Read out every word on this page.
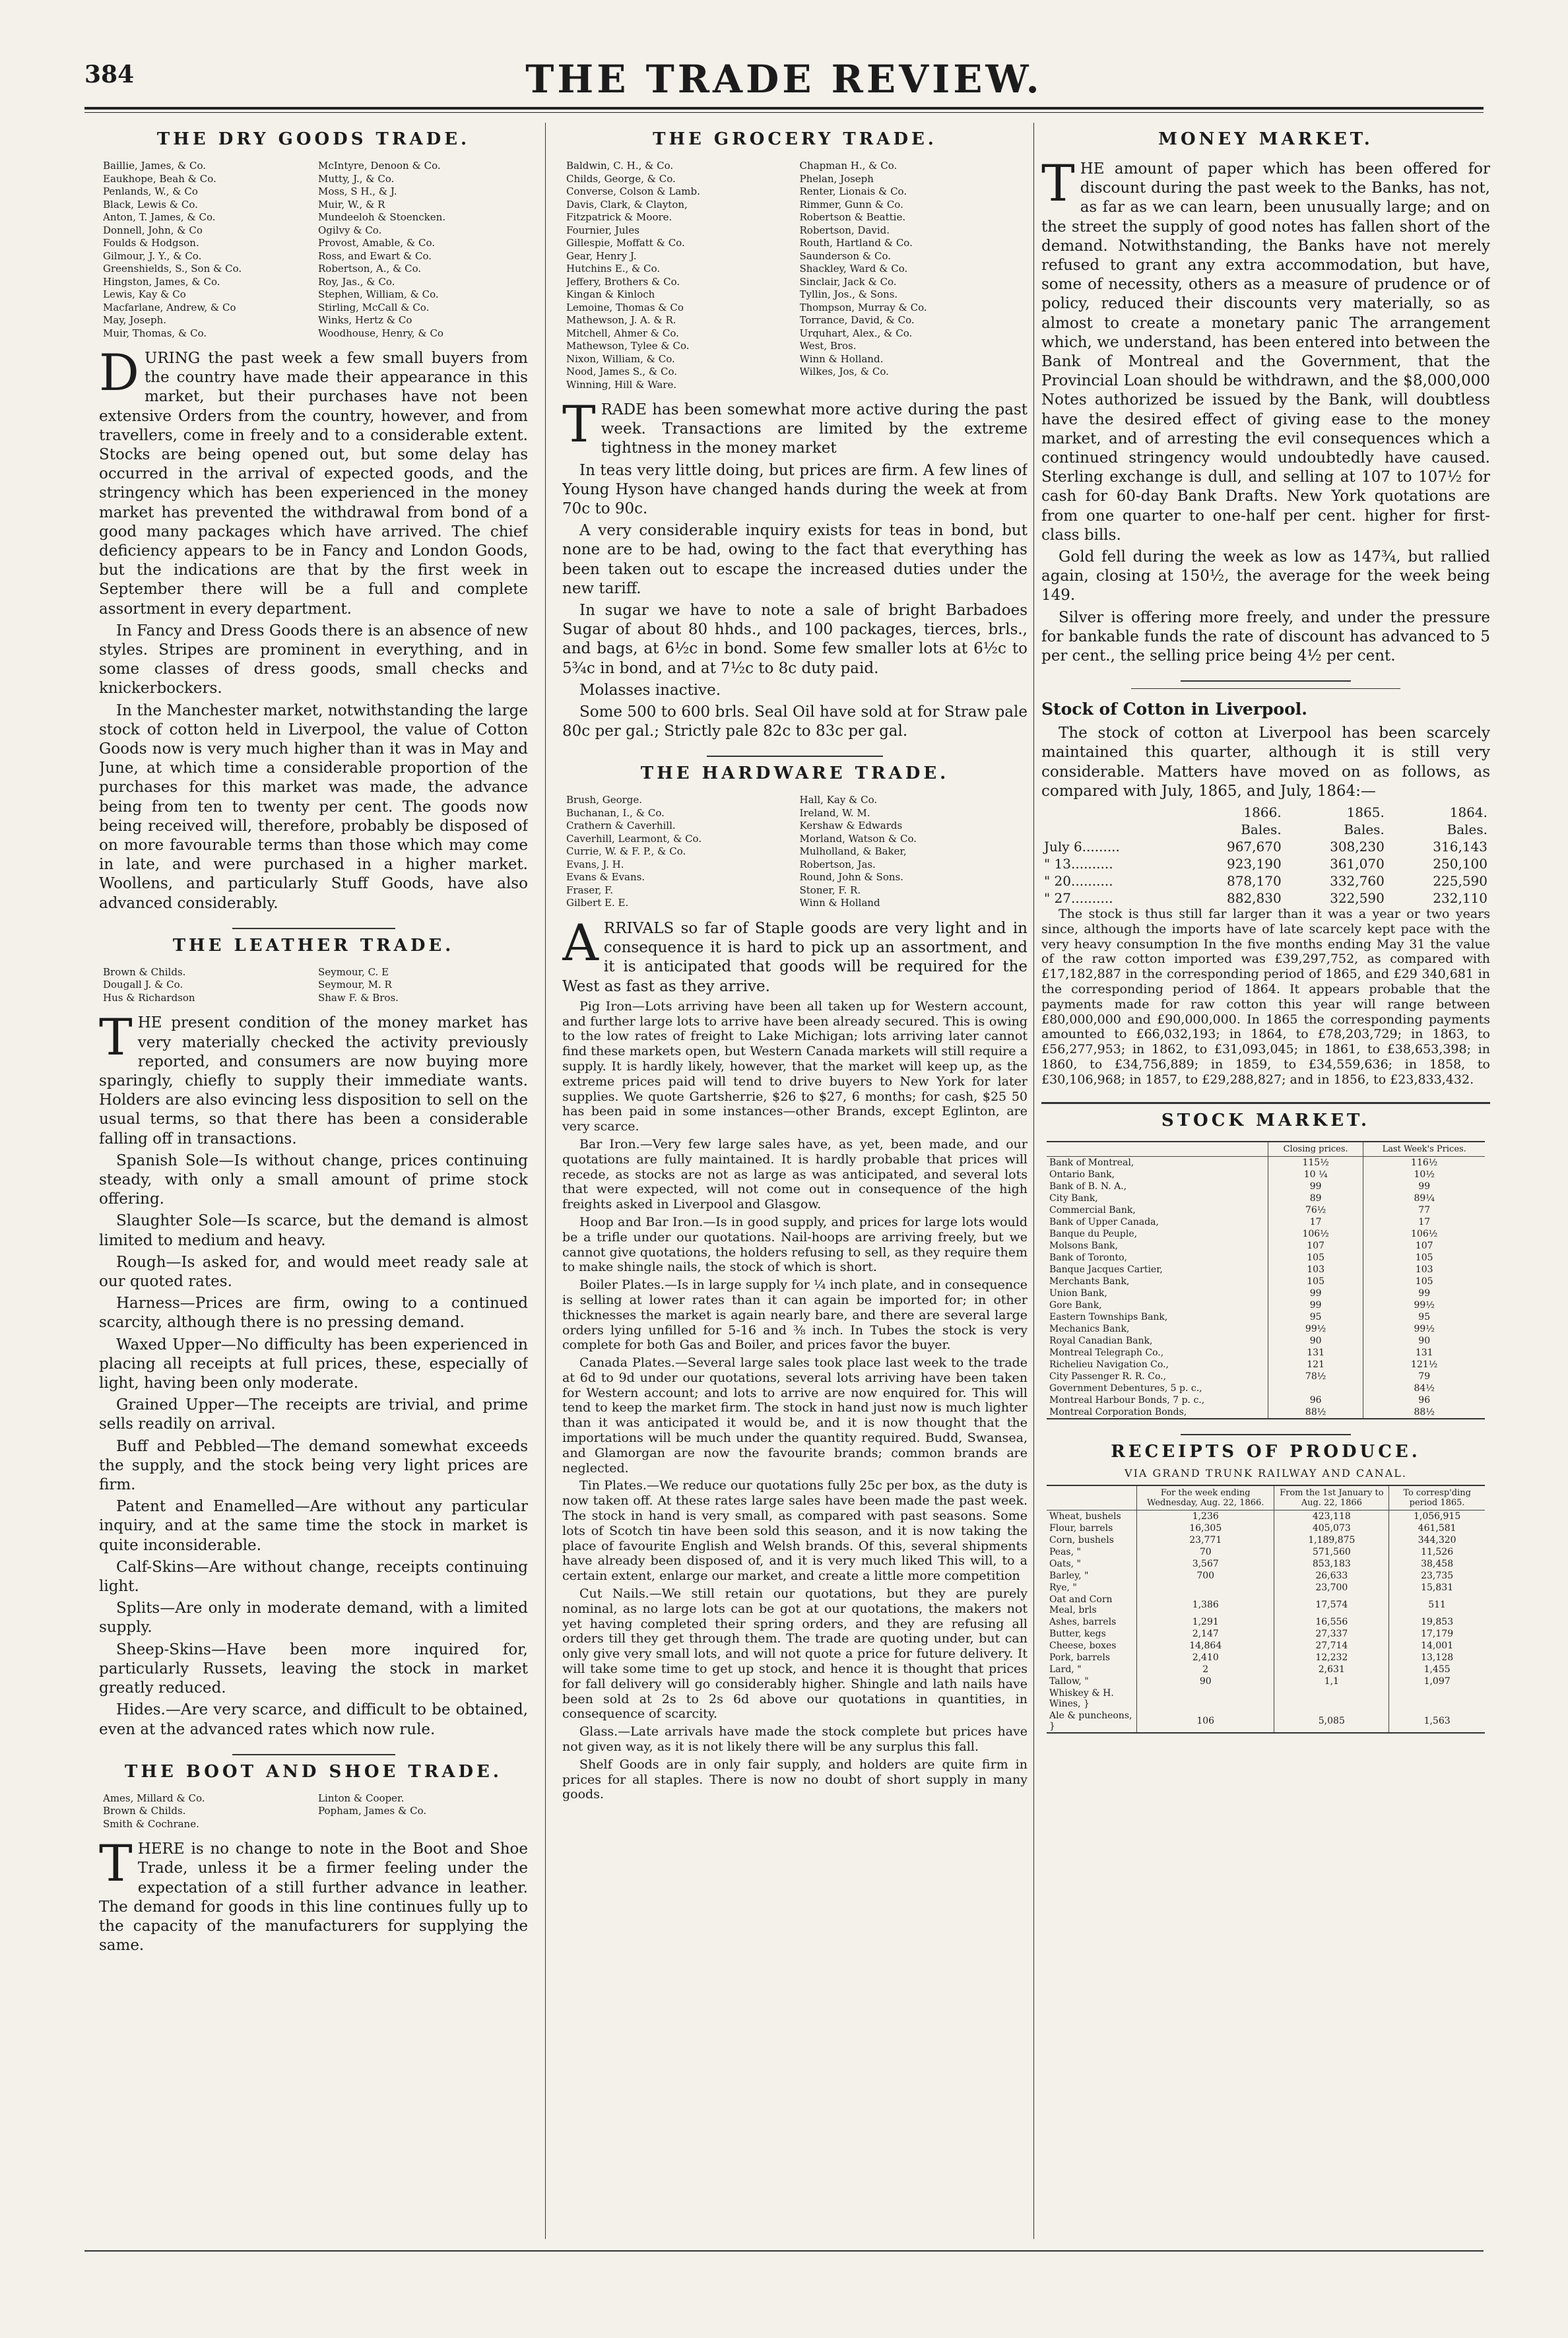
384	THE TRADE REVIEW.
THE DRY GOODS TRADE.
Baillie, James, & Co.	McIntyre, Denoon & Co.
Eaukhope, Beah & Co.	Mutty, J., & Co.
Penlands, W., & Co	Moss, S H., & J.
Black, Lewis & Co.	Muir, W., & R
Anton, T. James, & Co.	Mundeeloh & Stoencken.
Donnell, John, & Co	Ogilvy & Co.
Foulds & Hodgson.	Provost, Amable, & Co.
Gilmour, J. Y., & Co.	Ross, and Ewart & Co.
Greenshields, S., Son & Co.	Robertson, A., & Co.
Hingston, James, & Co.	Roy, Jas., & Co.
Lewis, Kay & Co	Stephen, William, & Co.
Macfarlane, Andrew, & Co	Stirling, McCall & Co.
May, Joseph.	Winks, Hertz & Co
Muir, Thomas, & Co.	Woodhouse, Henry, & Co

DURING the past week a few small buyers from the country have made their appearance in this market, but their purchases have not been extensive Orders from the country, however, and from travellers, come in freely and to a considerable extent. Stocks are being opened out, but some delay has occurred in the arrival of expected goods, and the stringency which has been experienced in the money market has prevented the withdrawal from bond of a good many packages which have arrived. The chief deficiency appears to be in Fancy and London Goods, but the indications are that by the first week in September there will be a full and complete assortment in every department.

In Fancy and Dress Goods there is an absence of new styles. Stripes are prominent in everything, and in some classes of dress goods, small checks and knickerbockers.

In the Manchester market, notwithstanding the large stock of cotton held in Liverpool, the value of Cotton Goods now is very much higher than it was in May and June, at which time a considerable proportion of the purchases for this market was made, the advance being from ten to twenty per cent. The goods now being received will, therefore, probably be disposed of on more favourable terms than those which may come in late, and were purchased in a higher market. Woollens, and particularly Stuff Goods, have also advanced considerably.

THE LEATHER TRADE.
Brown & Childs.	Seymour, C. E
Dougall J. & Co.	Seymour, M. R
Hus & Richardson	Shaw F. & Bros.

THE present condition of the money market has very materially checked the activity previously reported, and consumers are now buying more sparingly, chiefly to supply their immediate wants. Holders are also evincing less disposition to sell on the usual terms, so that there has been a considerable falling off in transactions.

Spanish Sole—Is without change, prices continuing steady, with only a small amount of prime stock offering.

Slaughter Sole—Is scarce, but the demand is almost limited to medium and heavy.

Rough—Is asked for, and would meet ready sale at our quoted rates.

Harness—Prices are firm, owing to a continued scarcity, although there is no pressing demand.

Waxed Upper—No difficulty has been experienced in placing all receipts at full prices, these, especially of light, having been only moderate.

Grained Upper—The receipts are trivial, and prime sells readily on arrival.

Buff and Pebbled—The demand somewhat exceeds the supply, and the stock being very light prices are firm.

Patent and Enamelled—Are without any particular inquiry, and at the same time the stock in market is quite inconsiderable.

Calf-Skins—Are without change, receipts continuing light.

Splits—Are only in moderate demand, with a limited supply.

Sheep-Skins—Have been more inquired for, particularly Russets, leaving the stock in market greatly reduced.

Hides.—Are very scarce, and difficult to be obtained, even at the advanced rates which now rule.

THE BOOT AND SHOE TRADE.
Ames, Millard & Co.	Linton & Cooper.
Brown & Childs.	Popham, James & Co.
Smith & Cochrane.

THERE is no change to note in the Boot and Shoe Trade, unless it be a firmer feeling under the expectation of a still further advance in leather. The demand for goods in this line continues fully up to the capacity of the manufacturers for supplying the same.

THE GROCERY TRADE.
Baldwin, C. H., & Co.	Chapman H., & Co.
Childs, George, & Co.	Phelan, Joseph
Converse, Colson & Lamb.	Renter, Lionais & Co.
Davis, Clark, & Clayton,	Rimmer, Gunn & Co.
Fitzpatrick & Moore.	Robertson & Beattie.
Fournier, Jules	Robertson, David.
Gillespie, Moffatt & Co.	Routh, Hartland & Co.
Gear, Henry J.	Saunderson & Co.
Hutchins E., & Co.	Shackley, Ward & Co.
Jeffery, Brothers & Co.	Sinclair, Jack & Co.
Kingan & Kinloch	Tyllin, Jos., & Sons.
Lemoine, Thomas & Co	Thompson, Murray & Co.
Mathewson, J. A. & R.	Torrance, David, & Co.
Mitchell, Ahmer & Co.	Urquhart, Alex., & Co.
Mathewson, Tylee & Co.	West, Bros.
Nixon, William, & Co.	Winn & Holland.
Nood, James S., & Co.	Wilkes, Jos, & Co.
Winning, Hill & Ware.

TRADE has been somewhat more active during the past week. Transactions are limited by the extreme tightness in the money market

In teas very little doing, but prices are firm. A few lines of Young Hyson have changed hands during the week at from 70c to 90c.

A very considerable inquiry exists for teas in bond, but none are to be had, owing to the fact that everything has been taken out to escape the increased duties under the new tariff.

In sugar we have to note a sale of bright Barbadoes Sugar of about 80 hhds., and 100 packages, tierces, brls., and bags, at 6½c in bond. Some few smaller lots at 6½c to 5¾c in bond, and at 7½c to 8c duty paid.

Molasses inactive.

Some 500 to 600 brls. Seal Oil have sold at for Straw pale 80c per gal.; Strictly pale 82c to 83c per gal.

THE HARDWARE TRADE.
Brush, George.	Hall, Kay & Co.
Buchanan, I., & Co.	Ireland, W. M.
Crathern & Caverhill.	Kershaw & Edwards
Caverhill, Learmont, & Co.	Morland, Watson & Co.
Currie, W. & F. P., & Co.	Mulholland, & Baker,
Evans, J. H.	Robertson, Jas.
Evans & Evans.	Round, John & Sons.
Fraser, F.	Stoner, F. R.
Gilbert E. E.	Winn & Holland

ARRIVALS so far of Staple goods are very light and in consequence it is hard to pick up an assortment, and it is anticipated that goods will be required for the West as fast as they arrive.

Pig Iron—Lots arriving have been all taken up for Western account, and further large lots to arrive have been already secured. This is owing to the low rates of freight to Lake Michigan; lots arriving later cannot find these markets open, but Western Canada markets will still require a supply. It is hardly likely, however, that the market will keep up, as the extreme prices paid will tend to drive buyers to New York for later supplies. We quote Gartsherrie, $26 to $27, 6 months; for cash, $25 50 has been paid in some instances—other Brands, except Eglinton, are very scarce.

Bar Iron.—Very few large sales have, as yet, been made, and our quotations are fully maintained. It is hardly probable that prices will recede, as stocks are not as large as was anticipated, and several lots that were expected, will not come out in consequence of the high freights asked in Liverpool and Glasgow.

Hoop and Bar Iron.—Is in good supply, and prices for large lots would be a trifle under our quotations. Nail-hoops are arriving freely, but we cannot give quotations, the holders refusing to sell, as they require them to make shingle nails, the stock of which is short.

Boiler Plates.—Is in large supply for ¼ inch plate, and in consequence is selling at lower rates than it can again be imported for; in other thicknesses the market is again nearly bare, and there are several large orders lying unfilled for 5-16 and ⅜ inch. In Tubes the stock is very complete for both Gas and Boiler, and prices favor the buyer.

Canada Plates.—Several large sales took place last week to the trade at 6d to 9d under our quotations, several lots arriving have been taken for Western account; and lots to arrive are now enquired for. This will tend to keep the market firm. The stock in hand just now is much lighter than it was anticipated it would be, and it is now thought that the importations will be much under the quantity required. Budd, Swansea, and Glamorgan are now the favourite brands; common brands are neglected.

Tin Plates.—We reduce our quotations fully 25c per box, as the duty is now taken off. At these rates large sales have been made the past week. The stock in hand is very small, as compared with past seasons. Some lots of Scotch tin have been sold this season, and it is now taking the place of favourite English and Welsh brands. Of this, several shipments have already been disposed of, and it is very much liked This will, to a certain extent, enlarge our market, and create a little more competition

Cut Nails.—We still retain our quotations, but they are purely nominal, as no large lots can be got at our quotations, the makers not yet having completed their spring orders, and they are refusing all orders till they get through them. The trade are quoting under, but can only give very small lots, and will not quote a price for future delivery. It will take some time to get up stock, and hence it is thought that prices for fall delivery will go considerably higher. Shingle and lath nails have been sold at 2s to 2s 6d above our quotations in quantities, in consequence of scarcity.

Glass.—Late arrivals have made the stock complete but prices have not given way, as it is not likely there will be any surplus this fall.

Shelf Goods are in only fair supply, and holders are quite firm in prices for all staples. There is now no doubt of short supply in many goods.

MONEY MARKET.

THE amount of paper which has been offered for discount during the past week to the Banks, has not, as far as we can learn, been unusually large; and on the street the supply of good notes has fallen short of the demand. Notwithstanding, the Banks have not merely refused to grant any extra accommodation, but have, some of necessity, others as a measure of prudence or of policy, reduced their discounts very materially, so as almost to create a monetary panic The arrangement which, we understand, has been entered into between the Bank of Montreal and the Government, that the Provincial Loan should be withdrawn, and the $8,000,000 Notes authorized be issued by the Bank, will doubtless have the desired effect of giving ease to the money market, and of arresting the evil consequences which a continued stringency would undoubtedly have caused. Sterling exchange is dull, and selling at 107 to 107½ for cash for 60-day Bank Drafts. New York quotations are from one quarter to one-half per cent. higher for first-class bills.

Gold fell during the week as low as 147¾, but rallied again, closing at 150½, the average for the week being 149.

Silver is offering more freely, and under the pressure for bankable funds the rate of discount has advanced to 5 per cent., the selling price being 4½ per cent.

Stock of Cotton in Liverpool.

The stock of cotton at Liverpool has been scarcely maintained this quarter, although it is still very considerable. Matters have moved on as follows, as compared with July, 1865, and July, 1864:—

	1866.	1865.	1864.
	Bales.	Bales.	Bales.
July 6.........	967,670	308,230	316,143
" 13..........	923,190	361,070	250,100
" 20..........	878,170	332,760	225,590
" 27..........	882,830	322,590	232,110

The stock is thus still far larger than it was a year or two years since, although the imports have of late scarcely kept pace with the very heavy consumption In the five months ending May 31 the value of the raw cotton imported was £39,297,752, as compared with £17,182,887 in the corresponding period of 1865, and £29 340,681 in the corresponding period of 1864. It appears probable that the payments made for raw cotton this year will range between £80,000,000 and £90,000,000. In 1865 the corresponding payments amounted to £66,032,193; in 1864, to £78,203,729; in 1863, to £56,277,953; in 1862, to £31,093,045; in 1861, to £38,653,398; in 1860, to £34,756,889; in 1859, to £34,559,636; in 1858, to £30,106,968; in 1857, to £29,288,827; and in 1856, to £23,833,432.

STOCK MARKET.
	Closing prices.	Last Week's Prices.
Bank of Montreal,	115½	116½
Ontario Bank,	10 ¼	10½
Bank of B. N. A.,	99	99
City Bank,	89	89¼
Commercial Bank,	76½	77
Bank of Upper Canada,	17	17
Banque du Peuple,	106½	106½
Molsons Bank,	107	107
Bank of Toronto,	105	105
Banque Jacques Cartier,	103	103
Merchants Bank,	105	105
Union Bank,	99	99
Gore Bank,	99	99½
Eastern Townships Bank,	95	95
Mechanics Bank,	99½	99½
Royal Canadian Bank,	90	90
Montreal Telegraph Co.,	131	131
Richelieu Navigation Co.,	121	121½
City Passenger R. R. Co.,	78½	79
Government Debentures, 5 p. c.,		84½
Montreal Harbour Bonds, 7 p. c.,	96	96
Montreal Corporation Bonds,	88½	88½
RECEIPTS OF PRODUCE.
VIA GRAND TRUNK RAILWAY AND CANAL.
	For the week ending Wednesday, Aug. 22, 1866.	From the 1st January to Aug. 22, 1866	To corresp'ding period 1865.
Wheat, bushels	1,236	423,118	1,056,915
Flour, barrels	16,305	405,073	461,581
Corn, bushels	23,771	1,189,875	344,320
Peas, "	70	571,560	11,526
Oats, "	3,567	853,183	38,458
Barley, "	700	26,633	23,735
Rye, "		23,700	15,831
Oat and Corn Meal, brls	1,386	17,574	511
Ashes, barrels	1,291	16,556	19,853
Butter, kegs	2,147	27,337	17,179
Cheese, boxes	14,864	27,714	14,001
Pork, barrels	2,410	12,232	13,128
Lard, "	2	2,631	1,455
Tallow, "	90	1,1	1,097
Whiskey & H. Wines, }			
Ale & puncheons, }	106	5,085	1,563
